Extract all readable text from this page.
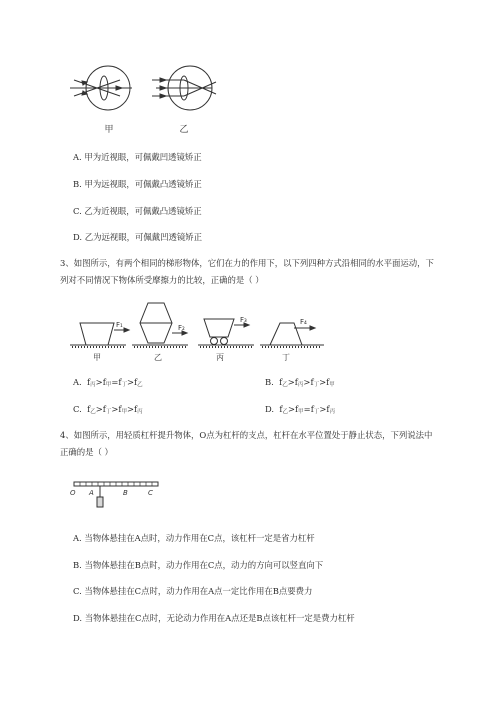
甲	乙
A. 甲为近视眼，可佩戴凹透镜矫正
B. 甲为远视眼，可佩戴凸透镜矫正
C. 乙为近视眼，可佩戴凸透镜矫正
D. 乙为远视眼，可佩戴凹透镜矫正
3、如图所示，有两个相同的梯形物体，它们在力的作用下，以下列四种方式沿相同的水平面运动，下
列对不同情况下物体所受摩擦力的比较，正确的是（ ）
F₁	F₂
F₃	F₄
甲	乙	丙	丁
A. f丙>f甲=f丁>f乙	B. f乙>f丙>f丁>f甲
C. f乙>f丁>f甲>f丙	D. f乙>f甲=f丁>f丙
4、如图所示，用轻质杠杆提升物体，O点为杠杆的支点，杠杆在水平位置处于静止状态，下列说法中
正确的是（ ）
O A	B	C
A. 当物体悬挂在A点时，动力作用在C点，该杠杆一定是省力杠杆
B. 当物体悬挂在B点时，动力作用在C点，动力的方向可以竖直向下
C. 当物体悬挂在C点时，动力作用在A点一定比作用在B点要费力
D. 当物体悬挂在C点时，无论动力作用在A点还是B点该杠杆一定是费力杠杆
